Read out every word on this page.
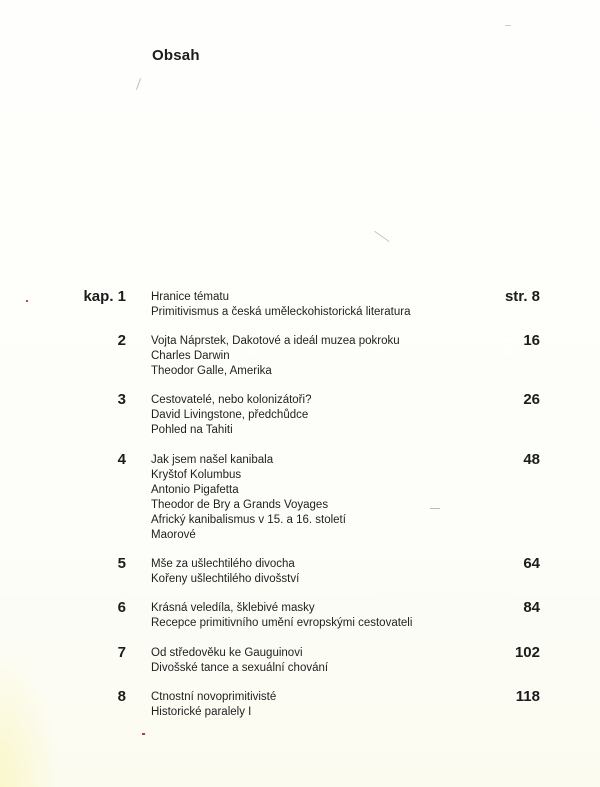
Obsah
kap. 1 Hranice tématu
Primitivismus a česká uměleckohistorická literatura
str. 8
2 Vojta Náprstek, Dakotové a ideál muzea pokroku
Charles Darwin
Theodor Galle, Amerika
16
3 Cestovatelé, nebo kolonizátoři?
David Livingstone, předchůdce
Pohled na Tahiti
26
4 Jak jsem našel kanibala
Kryštof Kolumbus
Antonio Pigafetta
Theodor de Bry a Grands Voyages
Africký kanibalismus v 15. a 16. století
Maorové
48
5 Mše za ušlechtilého divocha
Kořeny ušlechtilého divošství
64
6 Krásná veledíla, šklebivé masky
Recepce primitivního umění evropskými cestovateli
84
7 Od středověku ke Gauguinovi
Divošské tance a sexuální chování
102
8 Ctnostní novoprimitivisté
Historické paralely I
118
